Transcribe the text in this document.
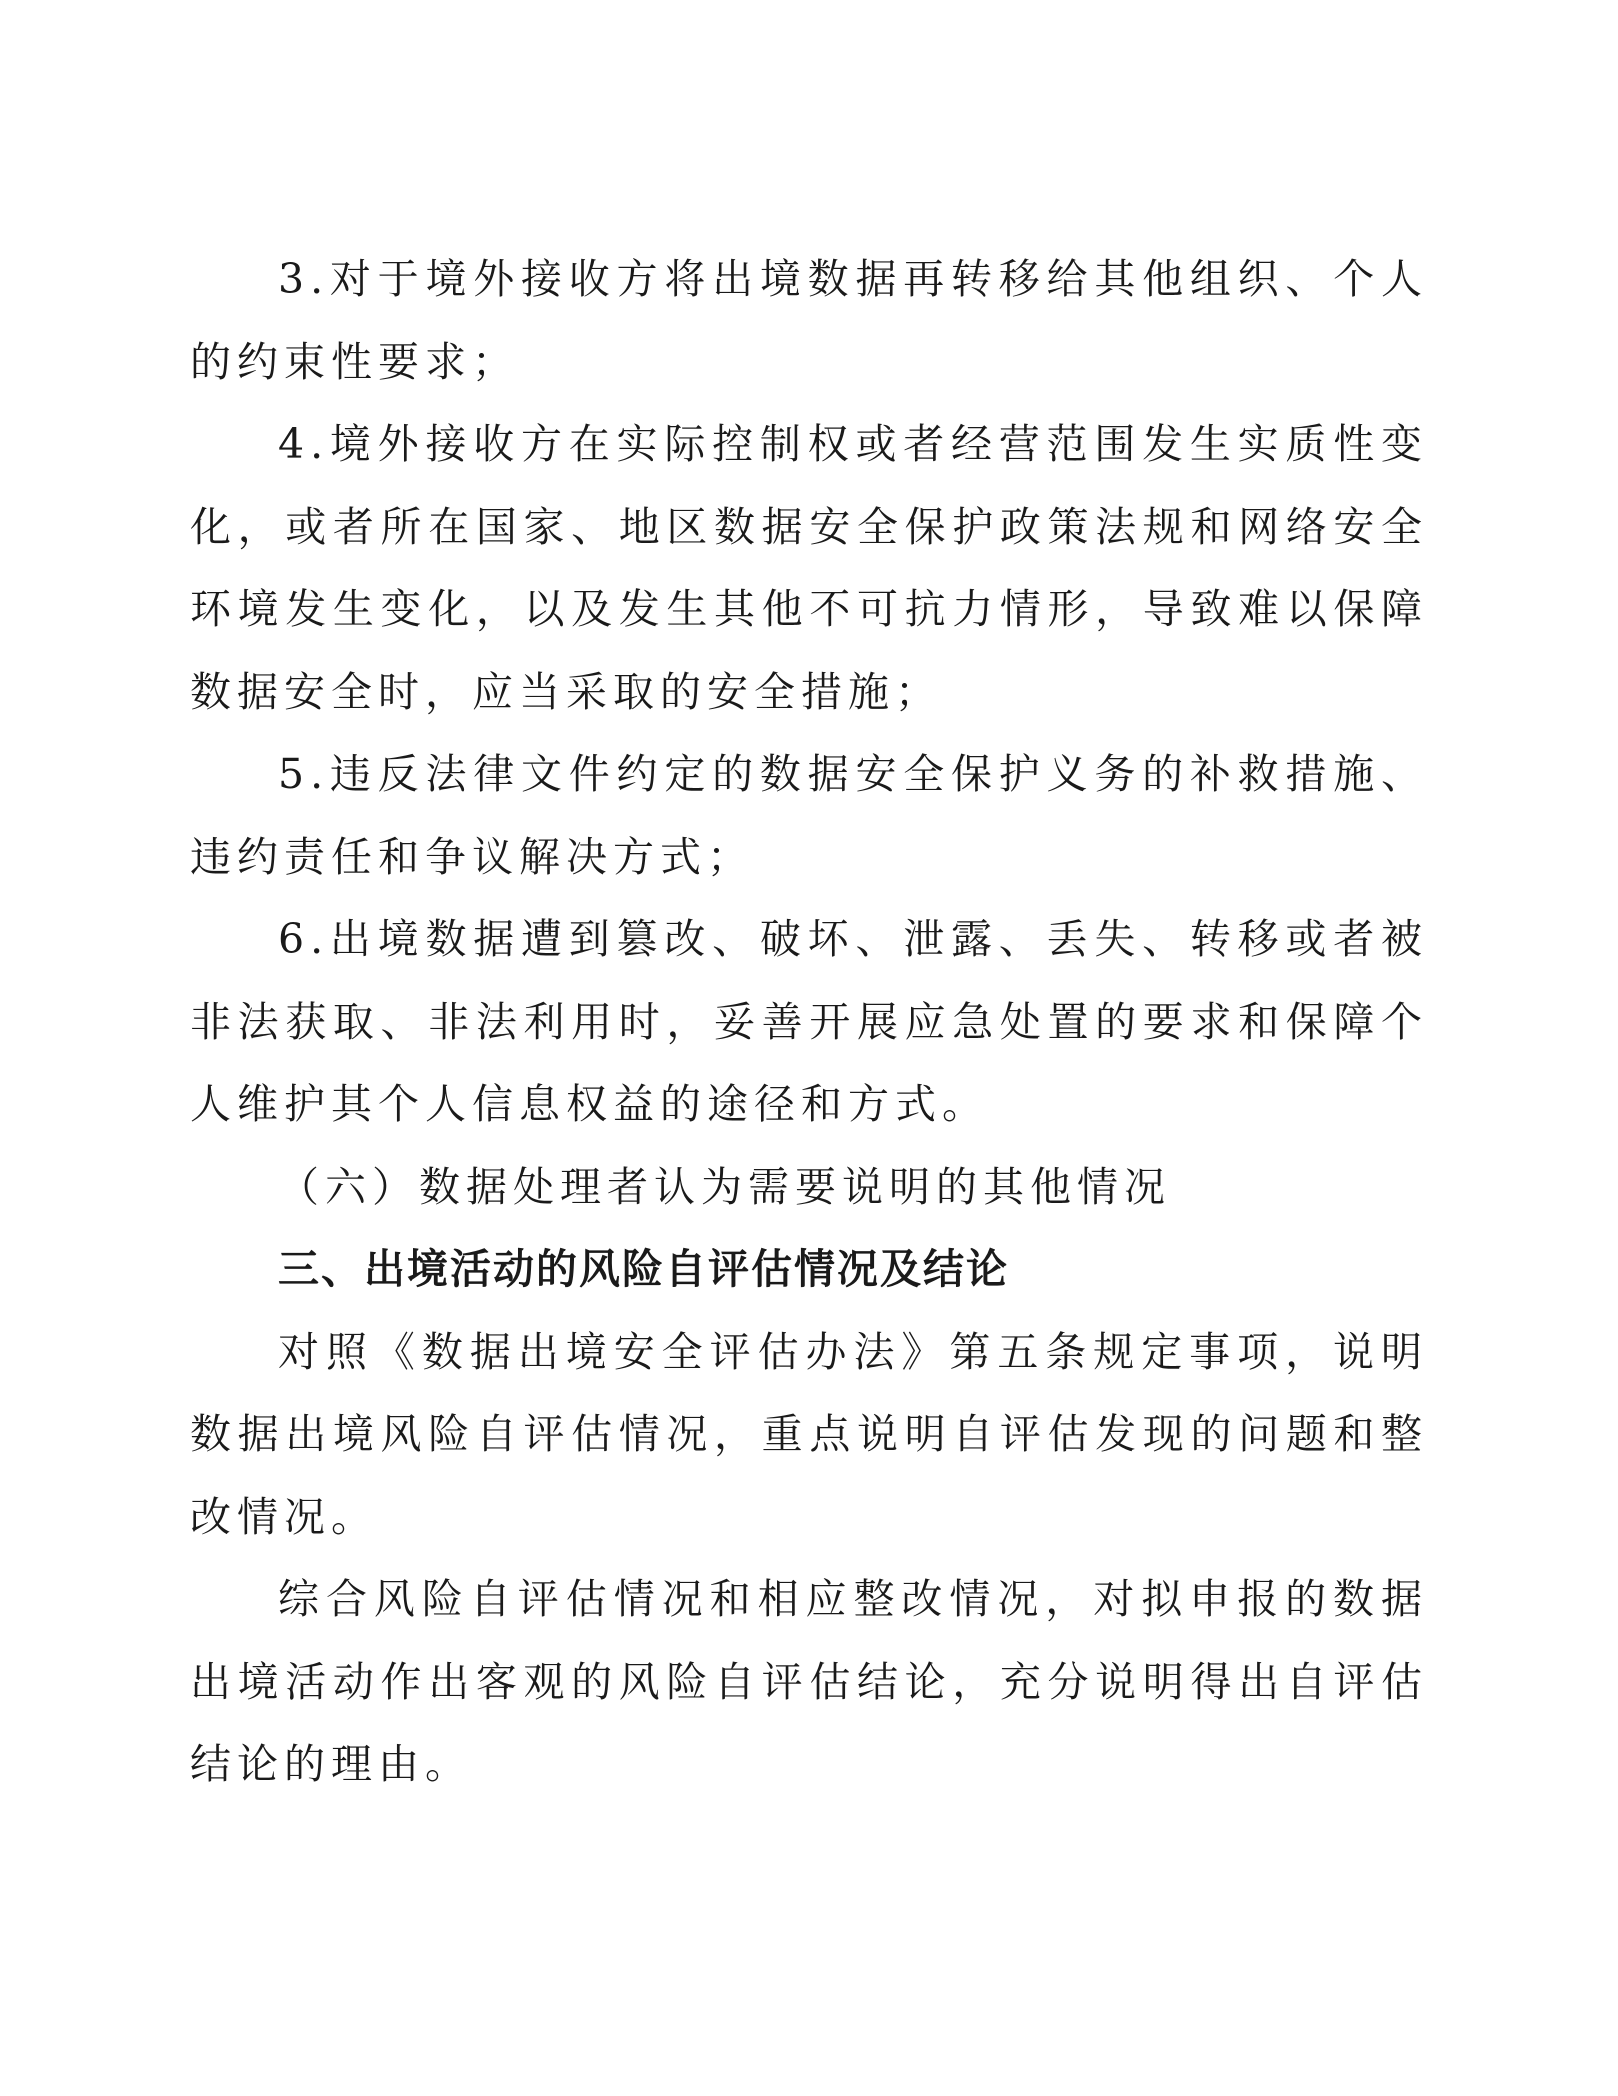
3.对于境外接收方将出境数据再转移给其他组织、个人的约束性要求；

4.境外接收方在实际控制权或者经营范围发生实质性变化，或者所在国家、地区数据安全保护政策法规和网络安全环境发生变化，以及发生其他不可抗力情形，导致难以保障数据安全时，应当采取的安全措施；

5.违反法律文件约定的数据安全保护义务的补救措施、违约责任和争议解决方式；

6.出境数据遭到篡改、破坏、泄露、丢失、转移或者被非法获取、非法利用时，妥善开展应急处置的要求和保障个人维护其个人信息权益的途径和方式。

（六）数据处理者认为需要说明的其他情况

三、出境活动的风险自评估情况及结论

对照《数据出境安全评估办法》第五条规定事项，说明数据出境风险自评估情况，重点说明自评估发现的问题和整改情况。

综合风险自评估情况和相应整改情况，对拟申报的数据出境活动作出客观的风险自评估结论，充分说明得出自评估结论的理由。
